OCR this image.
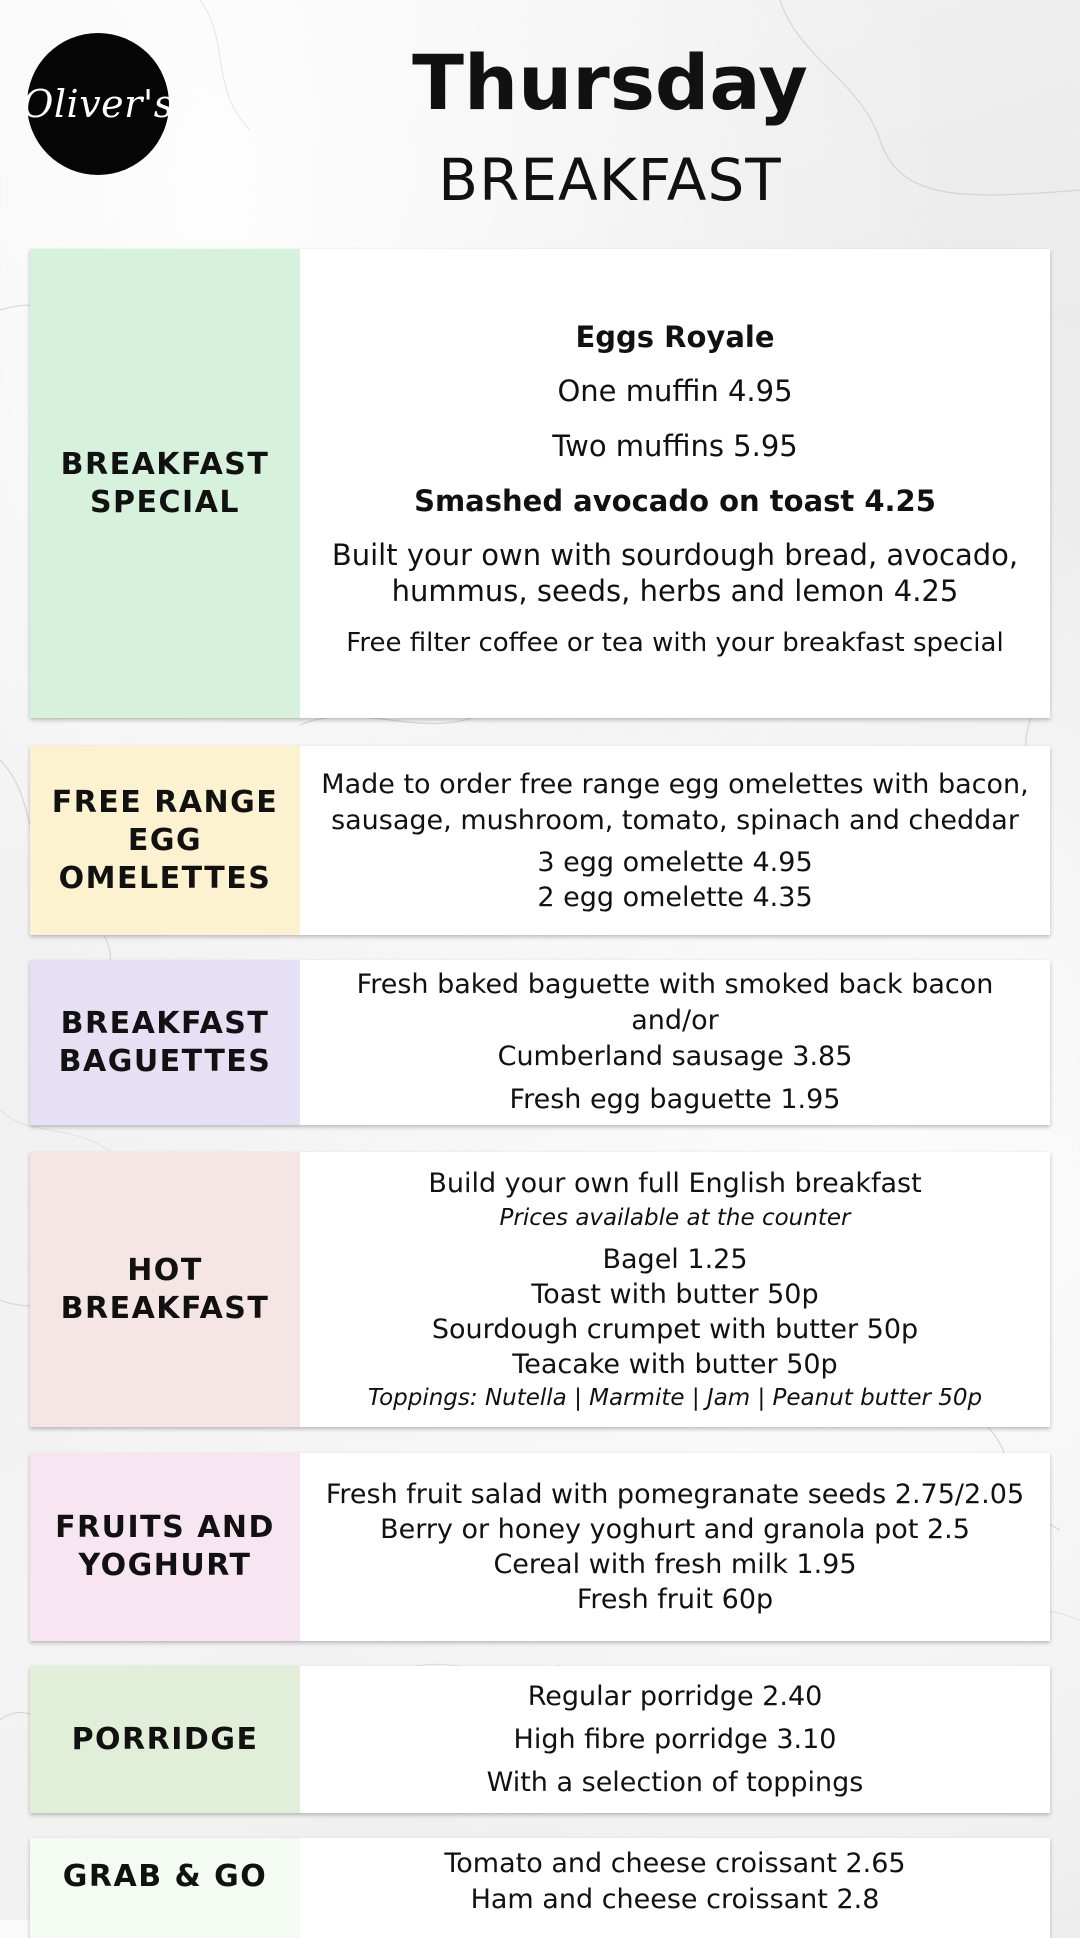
Oliver's	Thursday
BREAKFAST
BREAKFAST
SPECIAL
Eggs Royale
One muffin 4.95
Two muffins 5.95
Smashed avocado on toast 4.25
Built your own with sourdough bread, avocado,
hummus, seeds, herbs and lemon 4.25
Free filter coffee or tea with your breakfast special
FREE RANGE
EGG
OMELETTES
Made to order free range egg omelettes with bacon,
sausage, mushroom, tomato, spinach and cheddar
3 egg omelette 4.95
2 egg omelette 4.35
BREAKFAST
BAGUETTES
Fresh baked baguette with smoked back bacon and/or
Cumberland sausage 3.85
Fresh egg baguette 1.95
HOT
BREAKFAST
Build your own full English breakfast
Prices available at the counter
Bagel 1.25
Toast with butter 50p
Sourdough crumpet with butter 50p
Teacake with butter 50p
Toppings: Nutella | Marmite | Jam | Peanut butter 50p
FRUITS AND
YOGHURT
Fresh fruit salad with pomegranate seeds 2.75/2.05
Berry or honey yoghurt and granola pot 2.5
Cereal with fresh milk 1.95
Fresh fruit 60p
PORRIDGE
Regular porridge 2.40
High fibre porridge 3.10
With a selection of toppings
GRAB & GO	Tomato and cheese croissant 2.65
Ham and cheese croissant 2.8
